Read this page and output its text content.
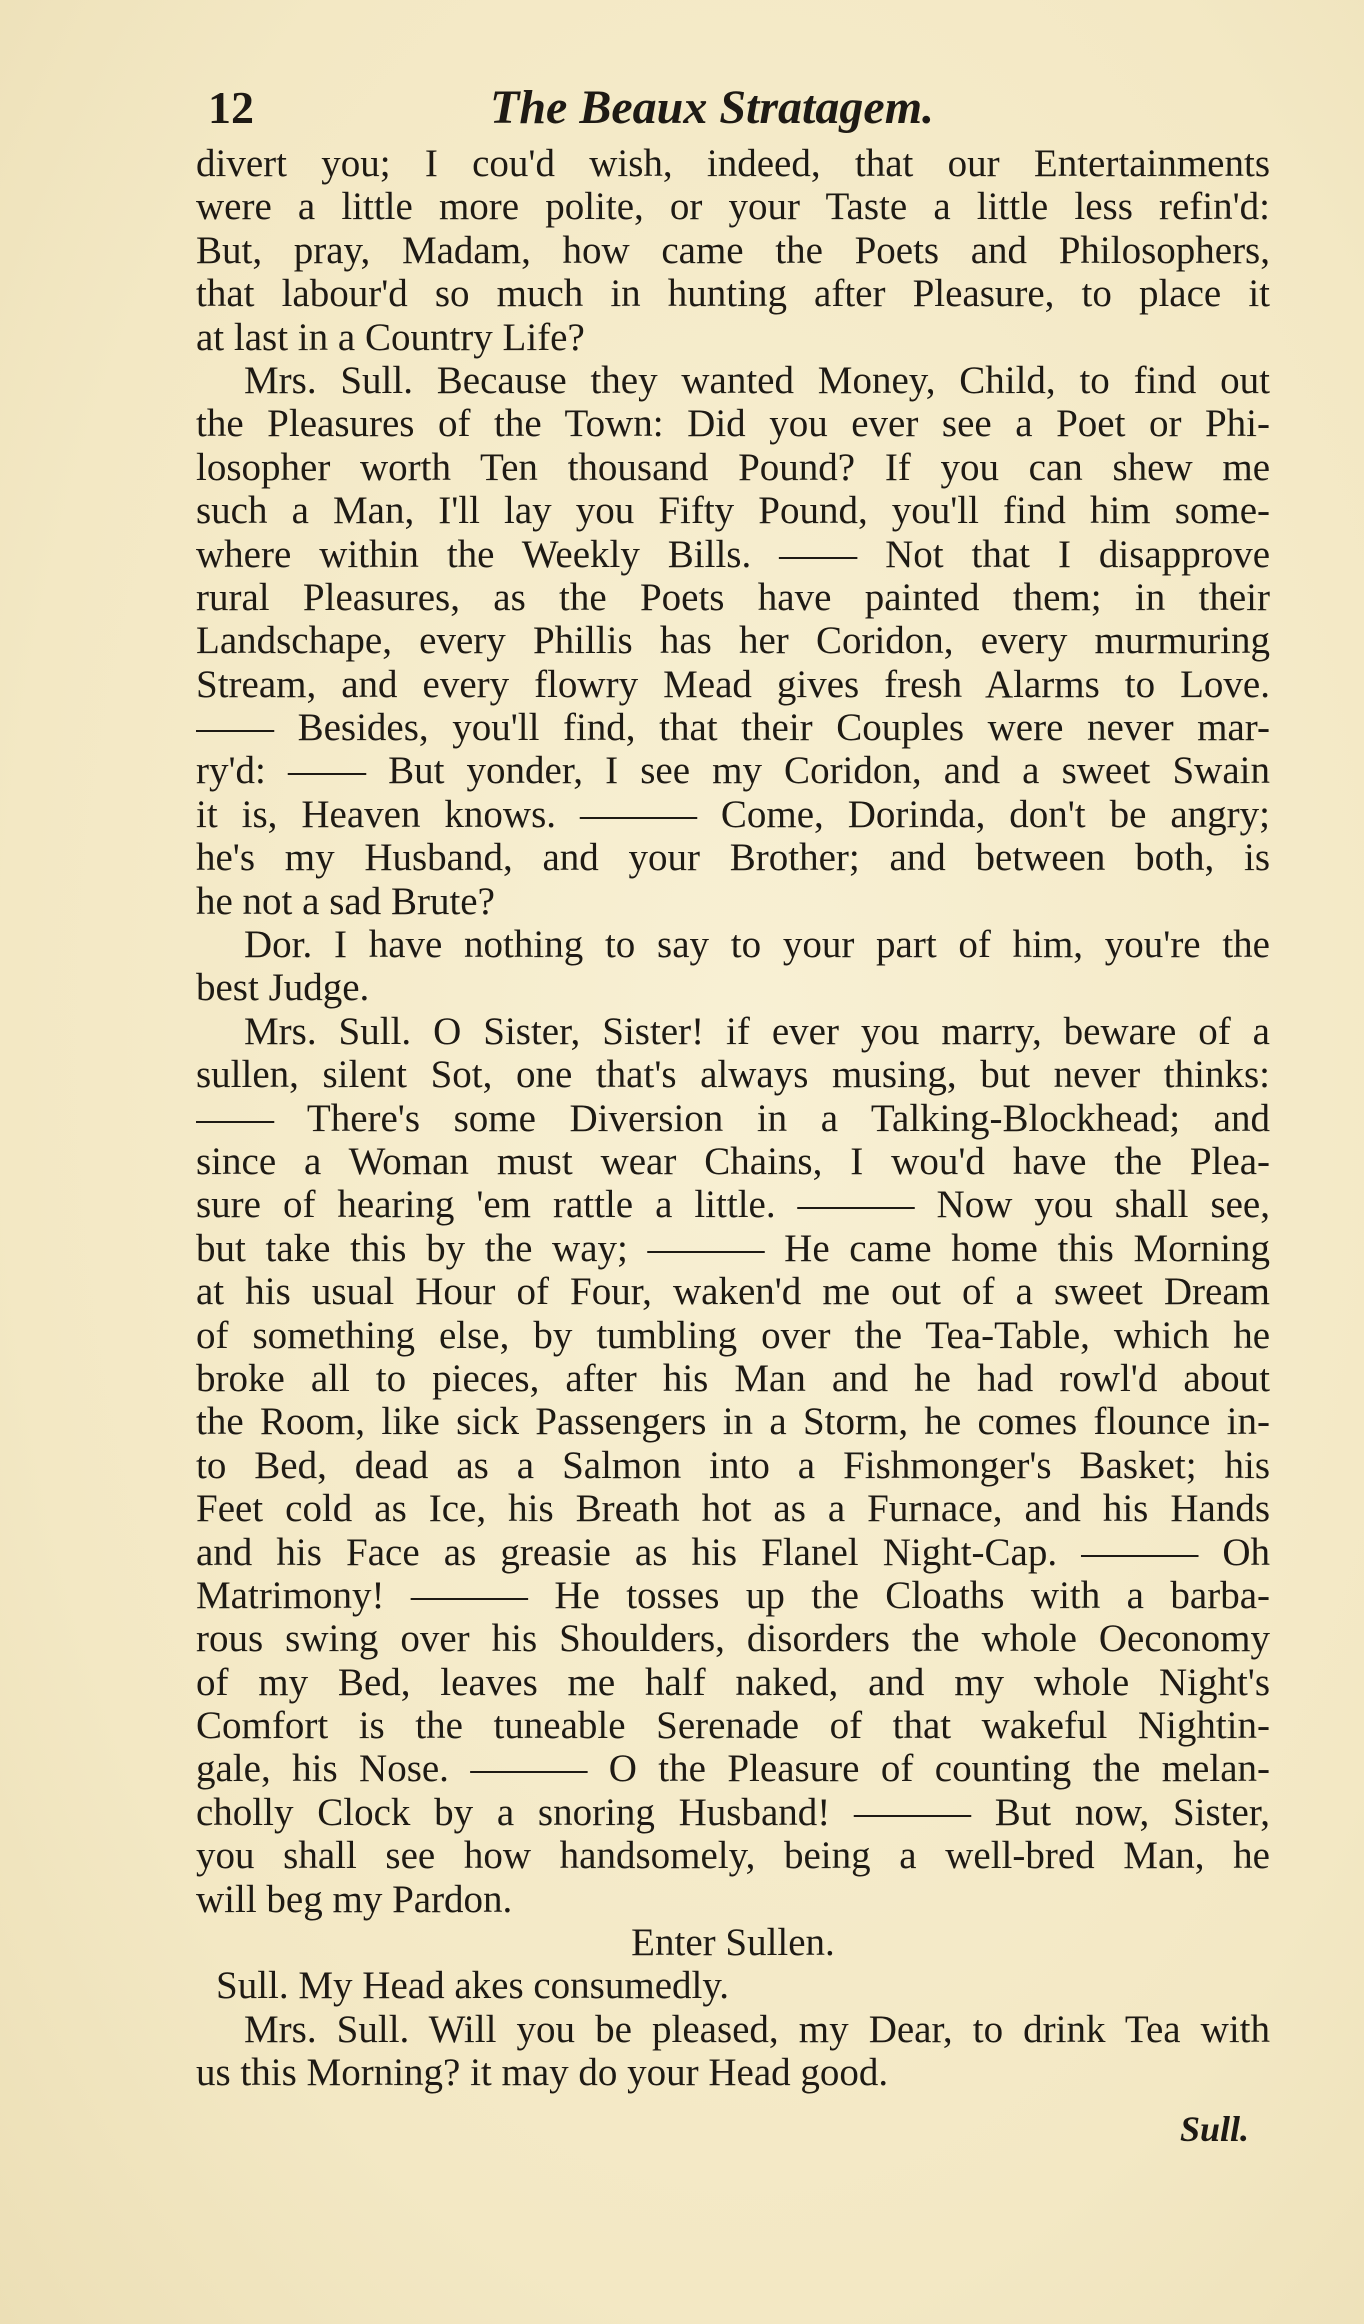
12	The Beaux Stratagem.
divert you; I cou'd wish, indeed, that our Entertainments
were a little more polite, or your Taste a little less refin'd:
But, pray, Madam, how came the Poets and Philosophers,
that labour'd so much in hunting after Pleasure, to place it
at last in a Country Life?
Mrs. Sull. Because they wanted Money, Child, to find out
the Pleasures of the Town: Did you ever see a Poet or Phi-
losopher worth Ten thousand Pound? If you can shew me
such a Man, I'll lay you Fifty Pound, you'll find him some-
where within the Weekly Bills. —— Not that I disapprove
rural Pleasures, as the Poets have painted them; in their
Landschape, every Phillis has her Coridon, every murmuring
Stream, and every flowry Mead gives fresh Alarms to Love.
—— Besides, you'll find, that their Couples were never mar-
ry'd: —— But yonder, I see my Coridon, and a sweet Swain
it is, Heaven knows. ——— Come, Dorinda, don't be angry;
he's my Husband, and your Brother; and between both, is
he not a sad Brute?
Dor. I have nothing to say to your part of him, you're the
best Judge.
Mrs. Sull. O Sister, Sister! if ever you marry, beware of a
sullen, silent Sot, one that's always musing, but never thinks:
—— There's some Diversion in a Talking-Blockhead; and
since a Woman must wear Chains, I wou'd have the Plea-
sure of hearing 'em rattle a little. ——— Now you shall see,
but take this by the way; ——— He came home this Morning
at his usual Hour of Four, waken'd me out of a sweet Dream
of something else, by tumbling over the Tea-Table, which he
broke all to pieces, after his Man and he had rowl'd about
the Room, like sick Passengers in a Storm, he comes flounce in-
to Bed, dead as a Salmon into a Fishmonger's Basket; his
Feet cold as Ice, his Breath hot as a Furnace, and his Hands
and his Face as greasie as his Flanel Night-Cap. ——— Oh
Matrimony! ——— He tosses up the Cloaths with a barba-
rous swing over his Shoulders, disorders the whole Oeconomy
of my Bed, leaves me half naked, and my whole Night's
Comfort is the tuneable Serenade of that wakeful Nightin-
gale, his Nose. ——— O the Pleasure of counting the melan-
cholly Clock by a snoring Husband! ——— But now, Sister,
you shall see how handsomely, being a well-bred Man, he
will beg my Pardon.
Enter Sullen.
Sull. My Head akes consumedly.
Mrs. Sull. Will you be pleased, my Dear, to drink Tea with
us this Morning? it may do your Head good.
Sull.
